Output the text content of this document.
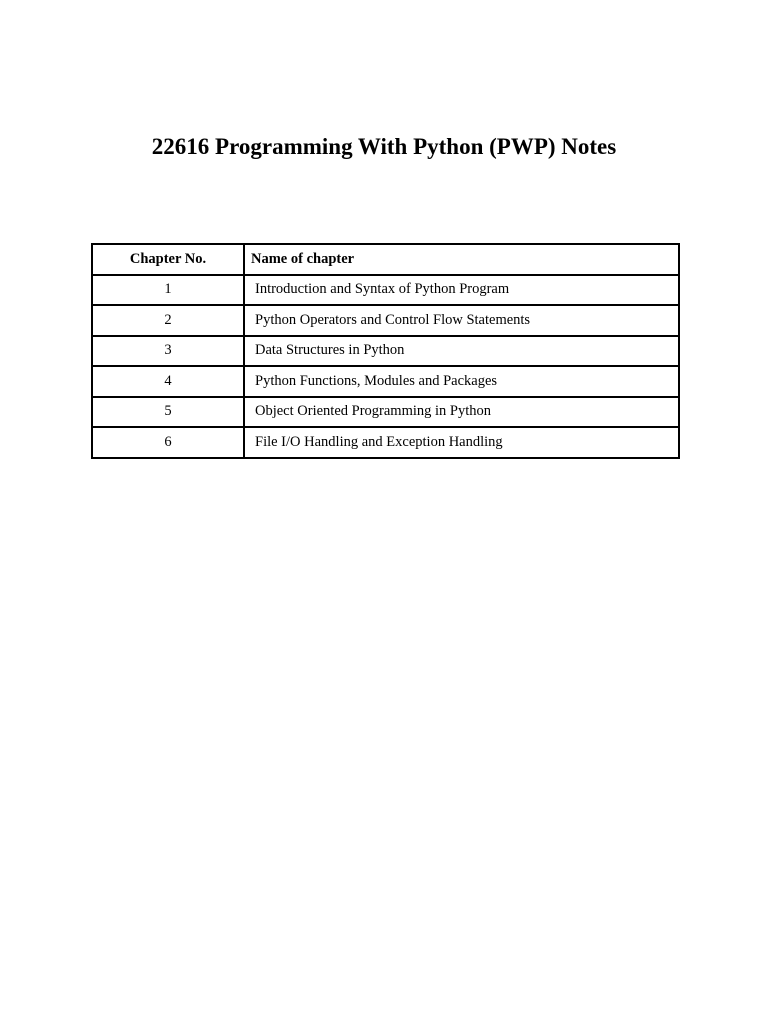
22616 Programming With Python (PWP) Notes
Chapter No.	Name of chapter
1	Introduction and Syntax of Python Program
2	Python Operators and Control Flow Statements
3	Data Structures in Python
4	Python Functions, Modules and Packages
5	Object Oriented Programming in Python
6	File I/O Handling and Exception Handling
